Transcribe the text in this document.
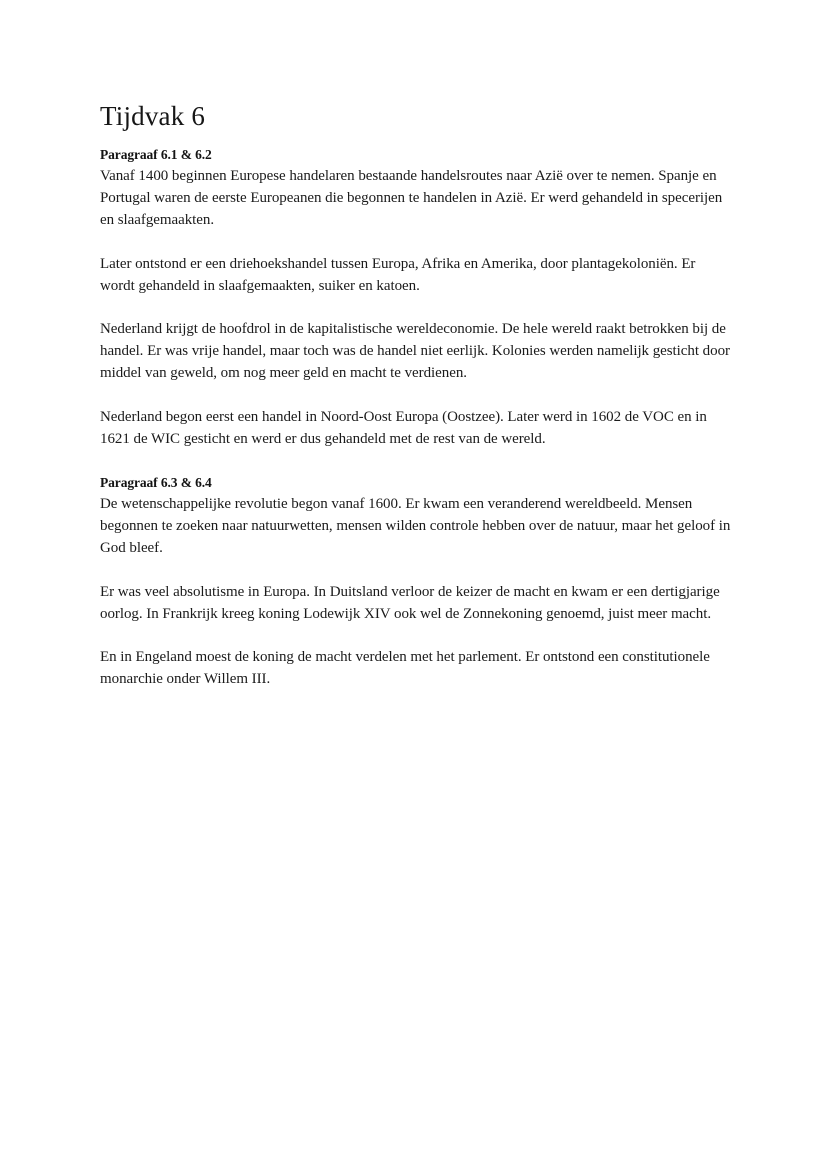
Tijdvak 6
Paragraaf 6.1 & 6.2

Vanaf 1400 beginnen Europese handelaren bestaande handelsroutes naar Azië over te nemen. Spanje en Portugal waren de eerste Europeanen die begonnen te handelen in Azië. Er werd gehandeld in specerijen en slaafgemaakten.

Later ontstond er een driehoekshandel tussen Europa, Afrika en Amerika, door plantagekoloniën. Er wordt gehandeld in slaafgemaakten, suiker en katoen.

Nederland krijgt de hoofdrol in de kapitalistische wereldeconomie. De hele wereld raakt betrokken bij de handel. Er was vrije handel, maar toch was de handel niet eerlijk. Kolonies werden namelijk gesticht door middel van geweld, om nog meer geld en macht te verdienen.

Nederland begon eerst een handel in Noord-Oost Europa (Oostzee). Later werd in 1602 de VOC en in 1621 de WIC gesticht en werd er dus gehandeld met de rest van de wereld.

Paragraaf 6.3 & 6.4

De wetenschappelijke revolutie begon vanaf 1600. Er kwam een veranderend wereldbeeld. Mensen begonnen te zoeken naar natuurwetten, mensen wilden controle hebben over de natuur, maar het geloof in God bleef.

Er was veel absolutisme in Europa. In Duitsland verloor de keizer de macht en kwam er een dertigjarige oorlog. In Frankrijk kreeg koning Lodewijk XIV ook wel de Zonnekoning genoemd, juist meer macht.

En in Engeland moest de koning de macht verdelen met het parlement. Er ontstond een constitutionele monarchie onder Willem III.
